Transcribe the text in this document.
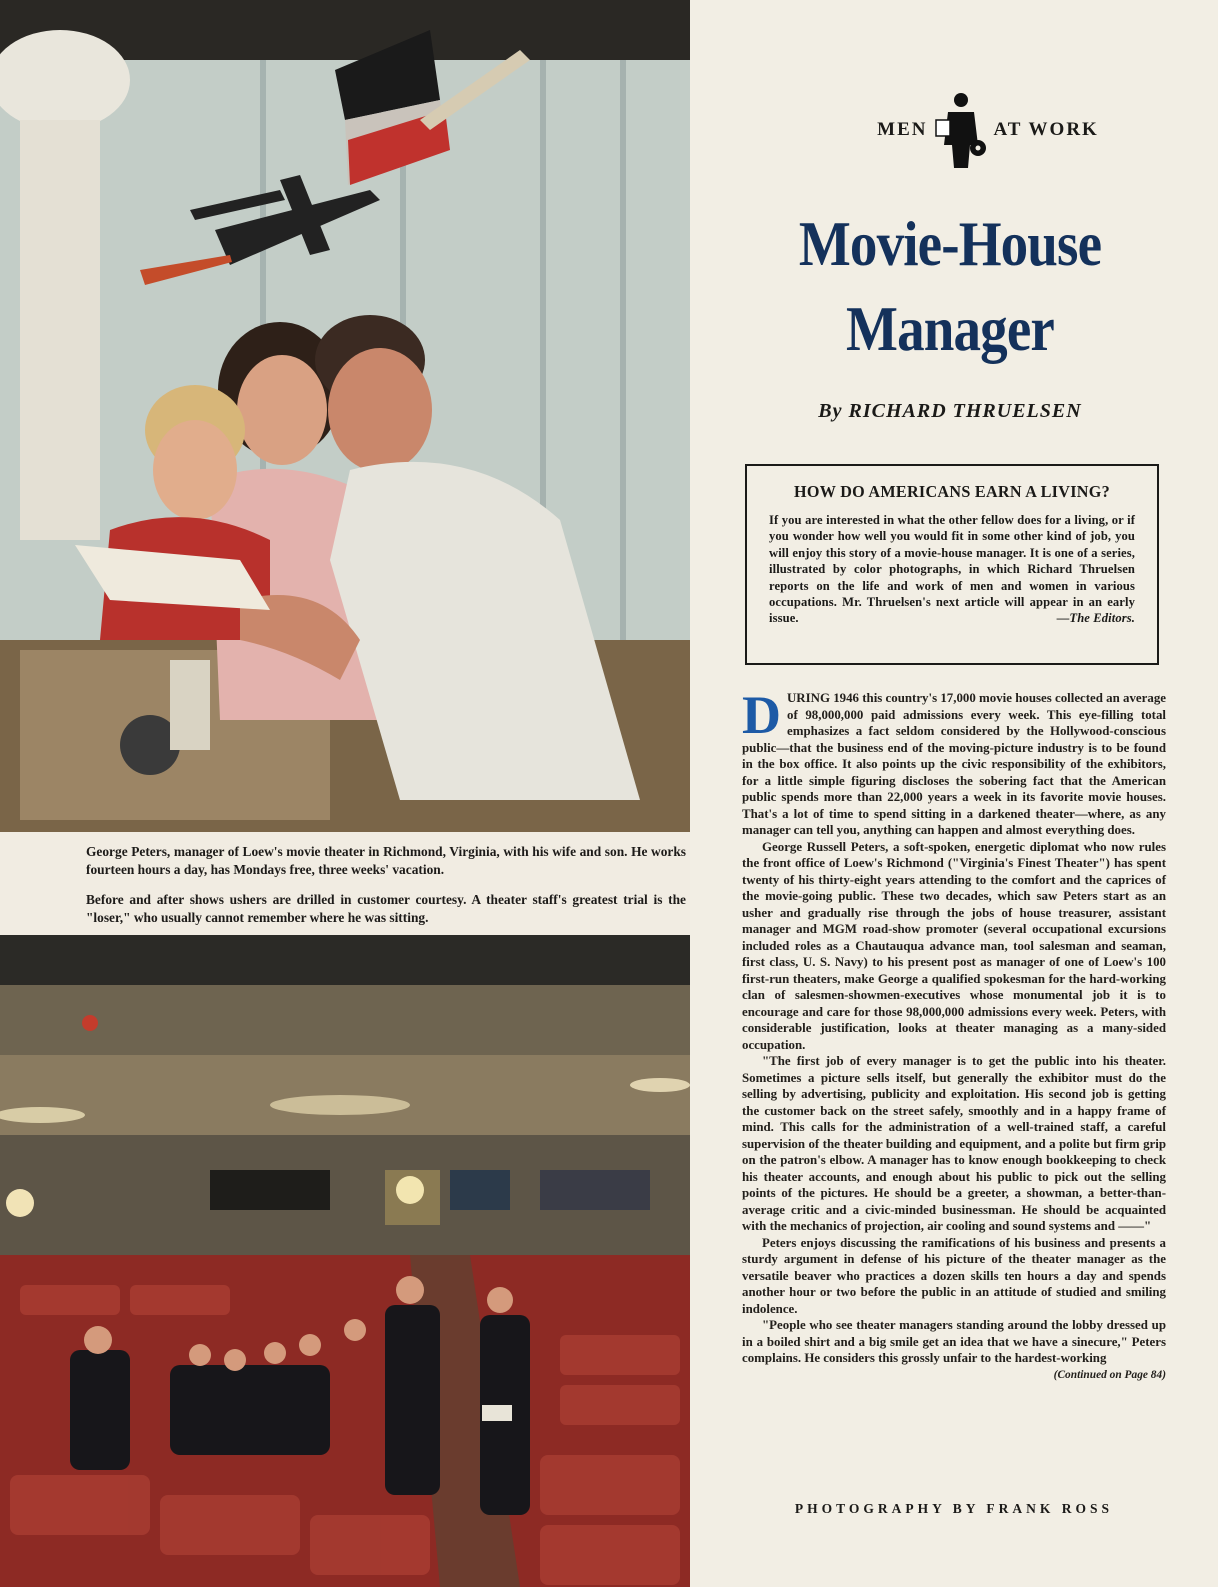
George Peters, manager of Loew's movie theater in Richmond, Virginia, with his wife and son. He works fourteen hours a day, has Mondays free, three weeks' vacation.

Before and after shows ushers are drilled in customer courtesy. A theater staff's greatest trial is the "loser," who usually cannot remember where he was sitting.

MEN	AT WORK
Movie-House
Manager
By RICHARD THRUELSEN
HOW DO AMERICANS EARN A LIVING?

If you are interested in what the other fellow does for a living, or if you wonder how well you would fit in some other kind of job, you will enjoy this story of a movie-house manager. It is one of a series, illustrated by color photographs, in which Richard Thruelsen reports on the life and work of men and women in various occupations. Mr. Thruelsen's next article will appear in an early issue.	—The Editors.

DURING 1946 this country's 17,000 movie houses collected an average of 98,000,000 paid admissions every week. This eye-filling total emphasizes a fact seldom considered by the Hollywood-conscious public—that the business end of the moving-picture industry is to be found in the box office. It also points up the civic responsibility of the exhibitors, for a little simple figuring discloses the sobering fact that the American public spends more than 22,000 years a week in its favorite movie houses. That's a lot of time to spend sitting in a darkened theater—where, as any manager can tell you, anything can happen and almost everything does.

George Russell Peters, a soft-spoken, energetic diplomat who now rules the front office of Loew's Richmond ("Virginia's Finest Theater") has spent twenty of his thirty-eight years attending to the comfort and the caprices of the movie-going public. These two decades, which saw Peters start as an usher and gradually rise through the jobs of house treasurer, assistant manager and MGM road-show promoter (several occupational excursions included roles as a Chautauqua advance man, tool salesman and seaman, first class, U. S. Navy) to his present post as manager of one of Loew's 100 first-run theaters, make George a qualified spokesman for the hard-working clan of salesmen-showmen-executives whose monumental job it is to encourage and care for those 98,000,000 admissions every week. Peters, with considerable justification, looks at theater managing as a many-sided occupation.

"The first job of every manager is to get the public into his theater. Sometimes a picture sells itself, but generally the exhibitor must do the selling by advertising, publicity and exploitation. His second job is getting the customer back on the street safely, smoothly and in a happy frame of mind. This calls for the administration of a well-trained staff, a careful supervision of the theater building and equipment, and a polite but firm grip on the patron's elbow. A manager has to know enough bookkeeping to check his theater accounts, and enough about his public to pick out the selling points of the pictures. He should be a greeter, a showman, a better-than-average critic and a civic-minded businessman. He should be acquainted with the mechanics of projection, air cooling and sound systems and ——"

Peters enjoys discussing the ramifications of his business and presents a sturdy argument in defense of his picture of the theater manager as the versatile beaver who practices a dozen skills ten hours a day and spends another hour or two before the public in an attitude of studied and smiling indolence.

"People who see theater managers standing around the lobby dressed up in a boiled shirt and a big smile get an idea that we have a sinecure," Peters complains. He considers this grossly unfair to the hardest-working
(Continued on Page 84)

PHOTOGRAPHY BY FRANK ROSS
